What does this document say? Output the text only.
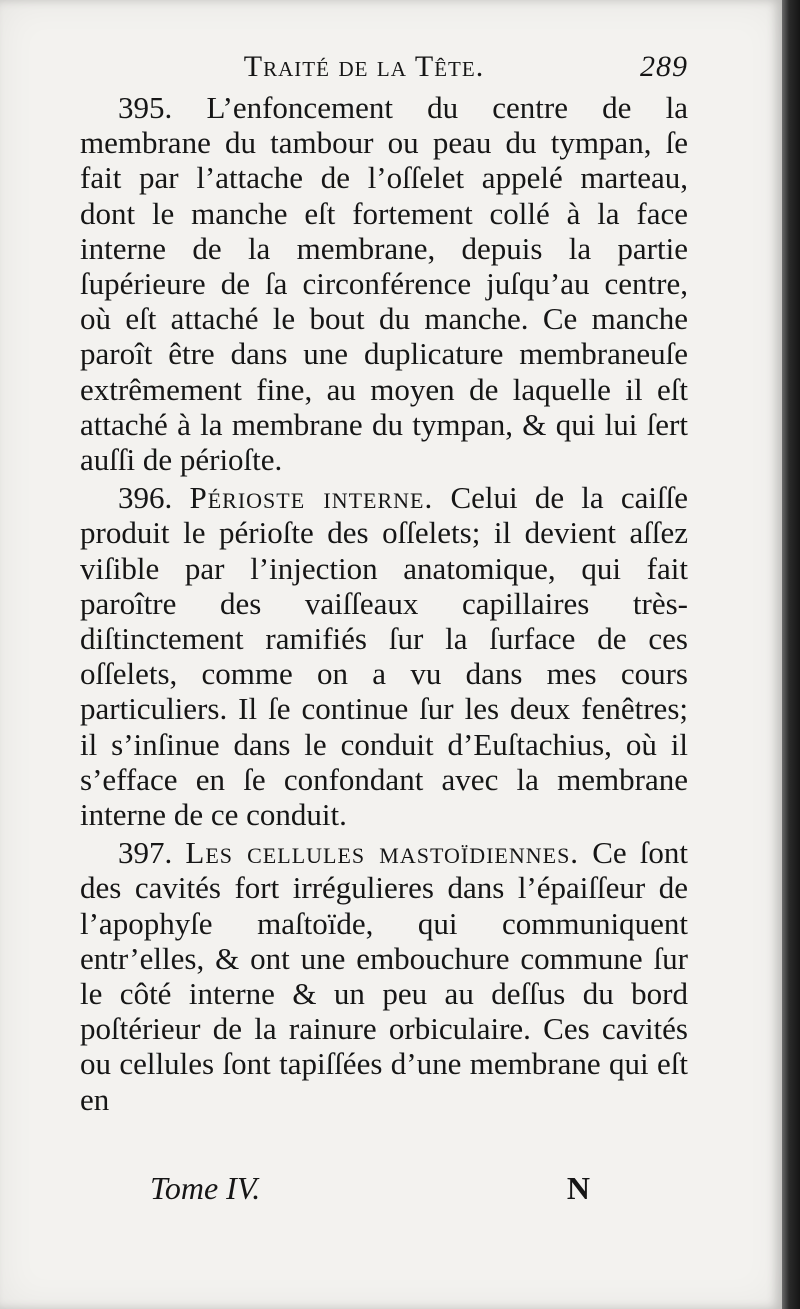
Traité de la Tête.	289

395. L’enfoncement du centre de la membrane du tambour ou peau du tympan, ſe fait par l’attache de l’oſſelet appelé marteau, dont le manche eſt fortement collé à la face interne de la membrane, depuis la partie ſupérieure de ſa circonférence juſqu’au centre, où eſt attaché le bout du manche. Ce manche paroît être dans une duplicature membraneuſe extrêmement fine, au moyen de laquelle il eſt attaché à la membrane du tympan, & qui lui ſert auſſi de périoſte.

396. Périoste interne. Celui de la caiſſe produit le périoſte des oſſelets; il devient aſſez viſible par l’injection anatomique, qui fait paroître des vaiſſeaux capillaires très-diſtinctement ramifiés ſur la ſurface de ces oſſelets, comme on a vu dans mes cours particuliers. Il ſe continue ſur les deux fenêtres; il s’inſinue dans le conduit d’Euſtachius, où il s’efface en ſe confondant avec la membrane interne de ce conduit.

397. Les cellules mastoïdiennes. Ce ſont des cavités fort irrégulieres dans l’épaiſſeur de l’apophyſe maſtoïde, qui communiquent entr’elles, & ont une embouchure commune ſur le côté interne & un peu au deſſus du bord poſtérieur de la rainure orbiculaire. Ces cavités ou cellules ſont tapiſſées d’une membrane qui eſt en

Tome IV.	N
